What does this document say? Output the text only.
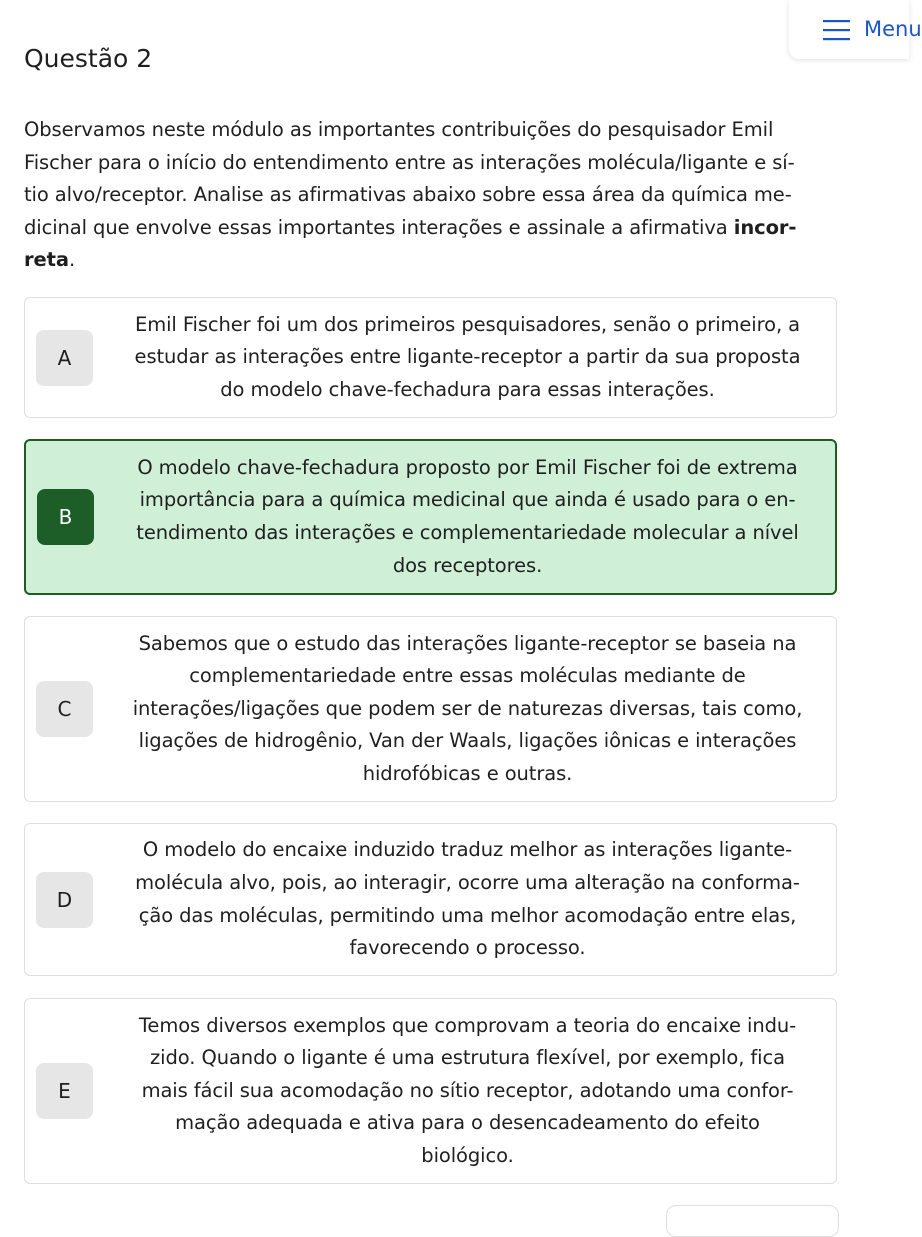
Menu
Questão 2

Observamos neste módulo as importantes contribuições do pesquisador Emil
Fischer para o início do entendimento entre as interações molécula/ligante e sí-
tio alvo/receptor. Analise as afirmativas abaixo sobre essa área da química me-
dicinal que envolve essas importantes interações e assinale a afirmativa incor-
reta.

A
Emil Fischer foi um dos primeiros pesquisadores, senão o primeiro, a
estudar as interações entre ligante-receptor a partir da sua proposta
do modelo chave-fechadura para essas interações.
B
O modelo chave-fechadura proposto por Emil Fischer foi de extrema
importância para a química medicinal que ainda é usado para o en-
tendimento das interações e complementariedade molecular a nível
dos receptores.
C
Sabemos que o estudo das interações ligante-receptor se baseia na
complementariedade entre essas moléculas mediante de
interações/ligações que podem ser de naturezas diversas, tais como,
ligações de hidrogênio, Van der Waals, ligações iônicas e interações
hidrofóbicas e outras.
D
O modelo do encaixe induzido traduz melhor as interações ligante-
molécula alvo, pois, ao interagir, ocorre uma alteração na conforma-
ção das moléculas, permitindo uma melhor acomodação entre elas,
favorecendo o processo.
E
Temos diversos exemplos que comprovam a teoria do encaixe indu-
zido. Quando o ligante é uma estrutura flexível, por exemplo, fica
mais fácil sua acomodação no sítio receptor, adotando uma confor-
mação adequada e ativa para o desencadeamento do efeito
biológico.
